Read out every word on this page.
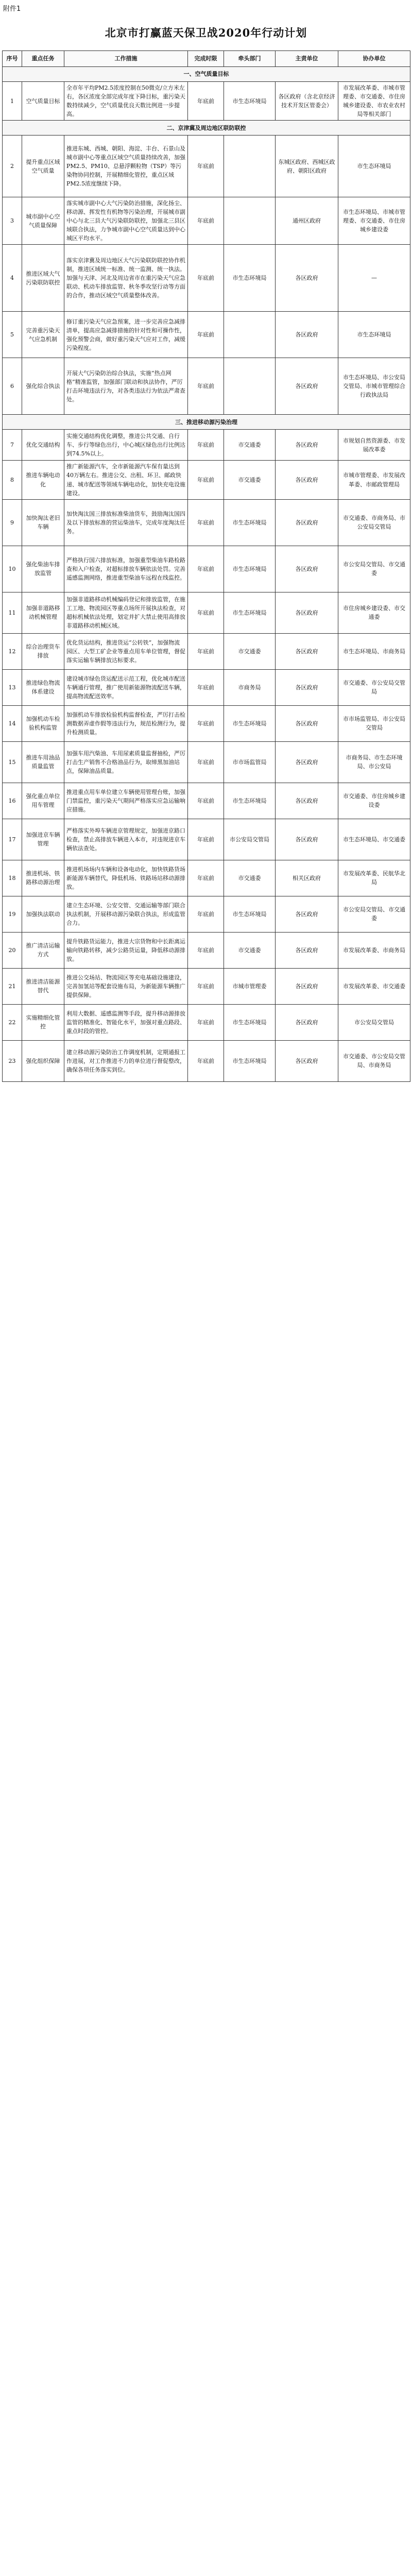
附件1
北京市打赢蓝天保卫战2020年行动计划
序号	重点任务	工作措施	完成时限	牵头部门	主责单位	协办单位
一、空气质量目标						
1	空气质量目标	全市年平均PM2.5浓度控制在50微克/立方米左右，各区浓度全部完成年度下降目标，重污染天数持续减少，空气质量优良天数比例进一步提高。	年底前	市生态环境局	各区政府（含北京经济技术开发区管委会）	市发展改革委、市城市管理委、市交通委、市住房城乡建设委、市农业农村局等相关部门
二、京津冀及周边地区联防联控						
2	提升重点区域空气质量	推进东城、西城、朝阳、海淀、丰台、石景山及城市副中心等重点区域空气质量持续改善，加强PM2.5、PM10、总悬浮颗粒物（TSP）等污染物协同控制，开展精细化管控，重点区域PM2.5浓度继续下降。	年底前		东城区政府、西城区政府、朝阳区政府	市生态环境局
3	城市副中心空气质量保障	落实城市副中心大气污染防治措施，深化扬尘、移动源、挥发性有机物等污染治理，开展城市副中心与北三县大气污染联防联控，加强北三县区域联合执法，力争城市副中心空气质量达到中心城区平均水平。	年底前		通州区政府	市生态环境局、市城市管理委、市交通委、市住房城乡建设委
4	推进区域大气污染联防联控	落实京津冀及周边地区大气污染联防联控协作机制，推进区域统一标准、统一监测、统一执法。加强与天津、河北及周边省市在重污染天气应急联动、机动车排放监管、秋冬季攻坚行动等方面的合作，推动区域空气质量整体改善。	年底前	市生态环境局	各区政府	—
5	完善重污染天气应急机制	修订重污染天气应急预案，进一步完善应急减排清单，提高应急减排措施的针对性和可操作性，强化预警会商，做好重污染天气应对工作，减缓污染程度。	年底前		各区政府	市生态环境局
6	强化综合执法	开展大气污染防治综合执法，实施“热点网格”精准监管，加强部门联动和执法协作，严厉打击环境违法行为，对各类违法行为依法严肃查处。	年底前		各区政府	市生态环境局、市公安局交管局、市城市管理综合行政执法局
三、推进移动源污染治理						
7	优化交通结构	实施交通结构优化调整，推进公共交通、自行车、步行等绿色出行，中心城区绿色出行比例达到74.5%以上。	年底前	市交通委	各区政府	市规划自然资源委、市发展改革委
8	推进车辆电动化	推广新能源汽车，全市新能源汽车保有量达到40万辆左右。推进公交、出租、环卫、邮政快递、城市配送等领域车辆电动化，加快充电设施建设。	年底前	市交通委	各区政府	市城市管理委、市发展改革委、市邮政管理局
9	加快淘汰老旧车辆	加快淘汰国三排放标准柴油货车，鼓励淘汰国四及以下排放标准的营运柴油车，完成年度淘汰任务。	年底前	市生态环境局	各区政府	市交通委、市商务局、市公安局交管局
10	强化柴油车排放监管	严格执行国六排放标准，加强重型柴油车路检路查和入户检查，对超标排放车辆依法处罚。完善遥感监测网络，推进重型柴油车远程在线监控。	年底前	市生态环境局	各区政府	市公安局交管局、市交通委
11	加强非道路移动机械管理	加强非道路移动机械编码登记和排放监管，在施工工地、物流园区等重点场所开展执法检查，对超标机械依法处理，划定并扩大禁止使用高排放非道路移动机械区域。	年底前	市生态环境局	各区政府	市住房城乡建设委、市交通委
12	综合治理货车排放	优化货运结构，推进货运“公转铁”，加强物流园区、大型工矿企业等重点用车单位管理，督促落实运输车辆排放达标要求。	年底前	市交通委	各区政府	市生态环境局、市商务局
13	推进绿色物流体系建设	建设城市绿色货运配送示范工程，优化城市配送车辆通行管理，推广使用新能源物流配送车辆，提高物流配送效率。	年底前	市商务局	各区政府	市交通委、市公安局交管局
14	加强机动车检验机构监管	加强机动车排放检验机构监督检查，严厉打击检测数据弄虚作假等违法行为，规范检测行为，提升检测质量。	年底前	市生态环境局	各区政府	市市场监管局、市公安局交管局
15	推进车用油品质量监管	加强车用汽柴油、车用尿素质量监督抽检，严厉打击生产销售不合格油品行为，取缔黑加油站点，保障油品质量。	年底前	市市场监管局	各区政府	市商务局、市生态环境局、市公安局
16	强化重点单位用车管理	推进重点用车单位建立车辆使用管理台账，加强门禁监控，重污染天气期间严格落实应急运输响应措施。	年底前	市生态环境局	各区政府	市交通委、市住房城乡建设委
17	加强进京车辆管理	严格落实外埠车辆进京管理规定，加强进京路口检查，禁止高排放车辆进入本市，对违规进京车辆依法查处。	年底前	市公安局交管局	各区政府	市生态环境局、市交通委
18	推进机场、铁路移动源治理	推进机场场内车辆和设备电动化，加快铁路货场新能源车辆替代，降低机场、铁路场站移动源排放。	年底前	市交通委	相关区政府	市发展改革委、民航华北局
19	加强执法联动	建立生态环境、公安交管、交通运输等部门联合执法机制，开展移动源污染联合执法，形成监管合力。	年底前	市生态环境局	各区政府	市公安局交管局、市交通委
20	推广清洁运输方式	提升铁路货运能力，推进大宗货物和中长距离运输向铁路转移，减少公路货运量，降低移动源排放。	年底前	市交通委	各区政府	市发展改革委、市商务局
21	推进清洁能源替代	推进公交场站、物流园区等充电基础设施建设，完善加氢站等配套设施布局，为新能源车辆推广提供保障。	年底前	市城市管理委	各区政府	市发展改革委、市交通委
22	实施精细化管控	利用大数据、遥感监测等手段，提升移动源排放监管的精准化、智能化水平，加强对重点路段、重点时段的管控。	年底前	市生态环境局	各区政府	市公安局交管局
23	强化组织保障	建立移动源污染防治工作调度机制，定期通报工作进展，对工作推进不力的单位进行督促整改，确保各项任务落实到位。	年底前	市生态环境局	各区政府	市交通委、市公安局交管局、市商务局
